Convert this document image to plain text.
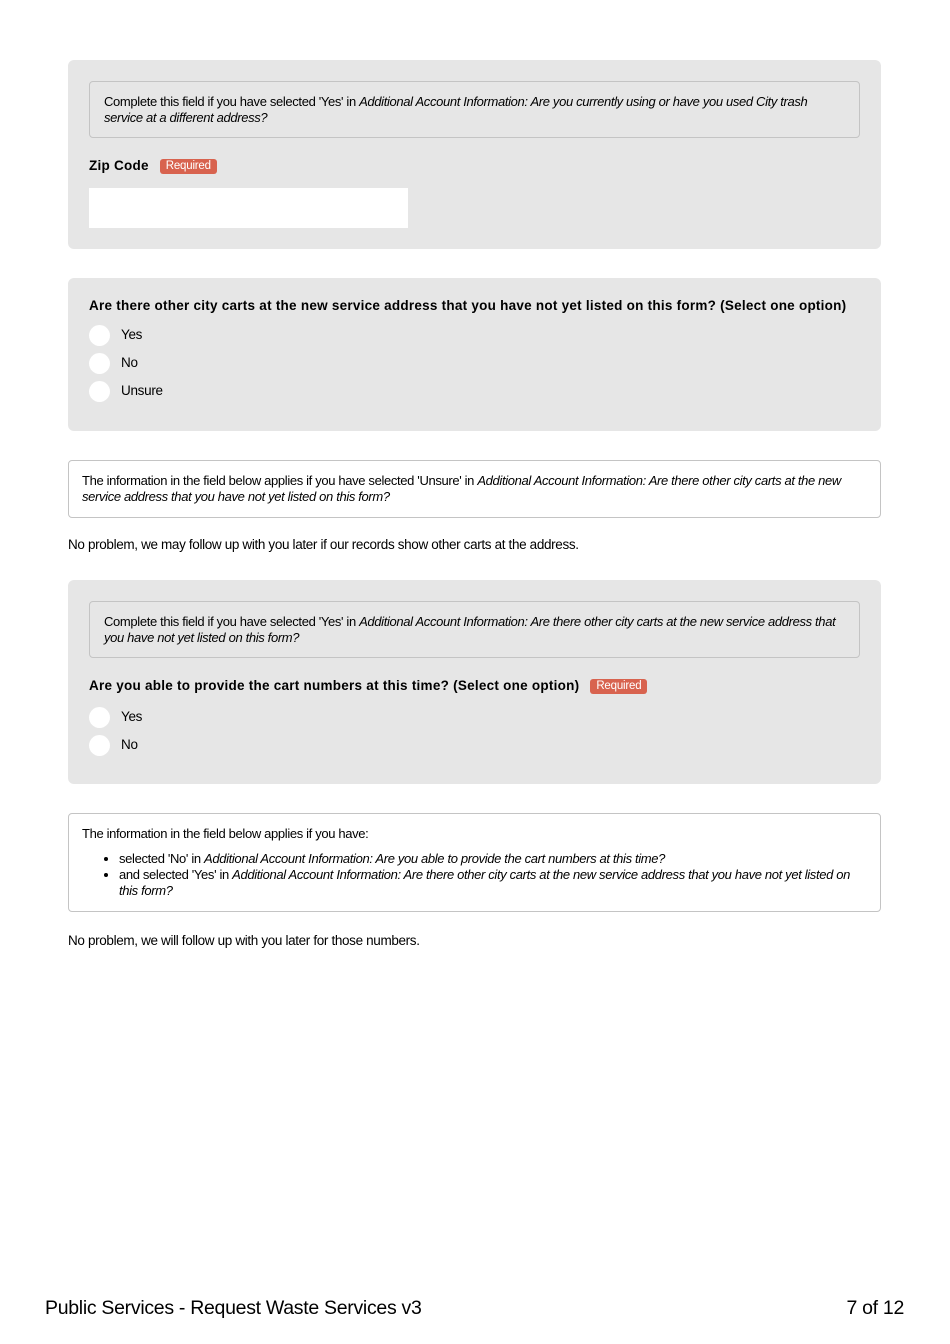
Complete this field if you have selected 'Yes' in Additional Account Information: Are you currently using or have you used City trash service at a different address?
Zip Code Required
Are there other city carts at the new service address that you have not yet listed on this form? (Select one option)
Yes
No
Unsure
The information in the field below applies if you have selected 'Unsure' in Additional Account Information: Are there other city carts at the new service address that you have not yet listed on this form?
No problem, we may follow up with you later if our records show other carts at the address.
Complete this field if you have selected 'Yes' in Additional Account Information: Are there other city carts at the new service address that you have not yet listed on this form?
Are you able to provide the cart numbers at this time? (Select one option) Required
Yes
No
The information in the field below applies if you have:
• selected 'No' in Additional Account Information: Are you able to provide the cart numbers at this time?
• and selected 'Yes' in Additional Account Information: Are there other city carts at the new service address that you have not yet listed on this form?
No problem, we will follow up with you later for those numbers.
Public Services - Request Waste Services v3	7 of 12
